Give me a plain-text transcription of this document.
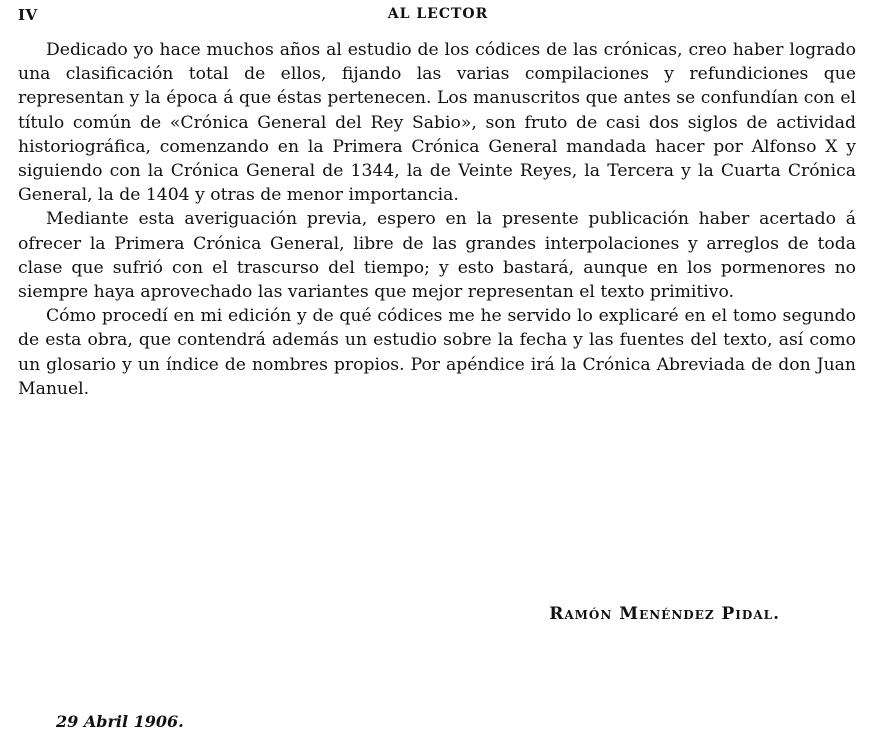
IV	AL LECTOR

Dedicado yo hace muchos años al estudio de los códices de las crónicas, creo haber logrado una clasificación total de ellos, fijando las varias compilaciones y refundiciones que representan y la época á que éstas pertenecen. Los manuscritos que antes se confundían con el título común de «Crónica General del Rey Sabio», son fruto de casi dos siglos de actividad historiográfica, comenzando en la Primera Crónica General mandada hacer por Alfonso X y siguiendo con la Crónica General de 1344, la de Veinte Reyes, la Tercera y la Cuarta Crónica General, la de 1404 y otras de menor importancia.

Mediante esta averiguación previa, espero en la presente publicación haber acertado á ofrecer la Primera Crónica General, libre de las grandes interpolaciones y arreglos de toda clase que sufrió con el trascurso del tiempo; y esto bastará, aunque en los pormenores no siempre haya aprovechado las variantes que mejor representan el texto primitivo.

Cómo procedí en mi edición y de qué códices me he servido lo explicaré en el tomo segundo de esta obra, que contendrá además un estudio sobre la fecha y las fuentes del texto, así como un glosario y un índice de nombres propios. Por apéndice irá la Crónica Abreviada de don Juan Manuel.

Ramón Menéndez Pidal.
29 Abril 1906.
